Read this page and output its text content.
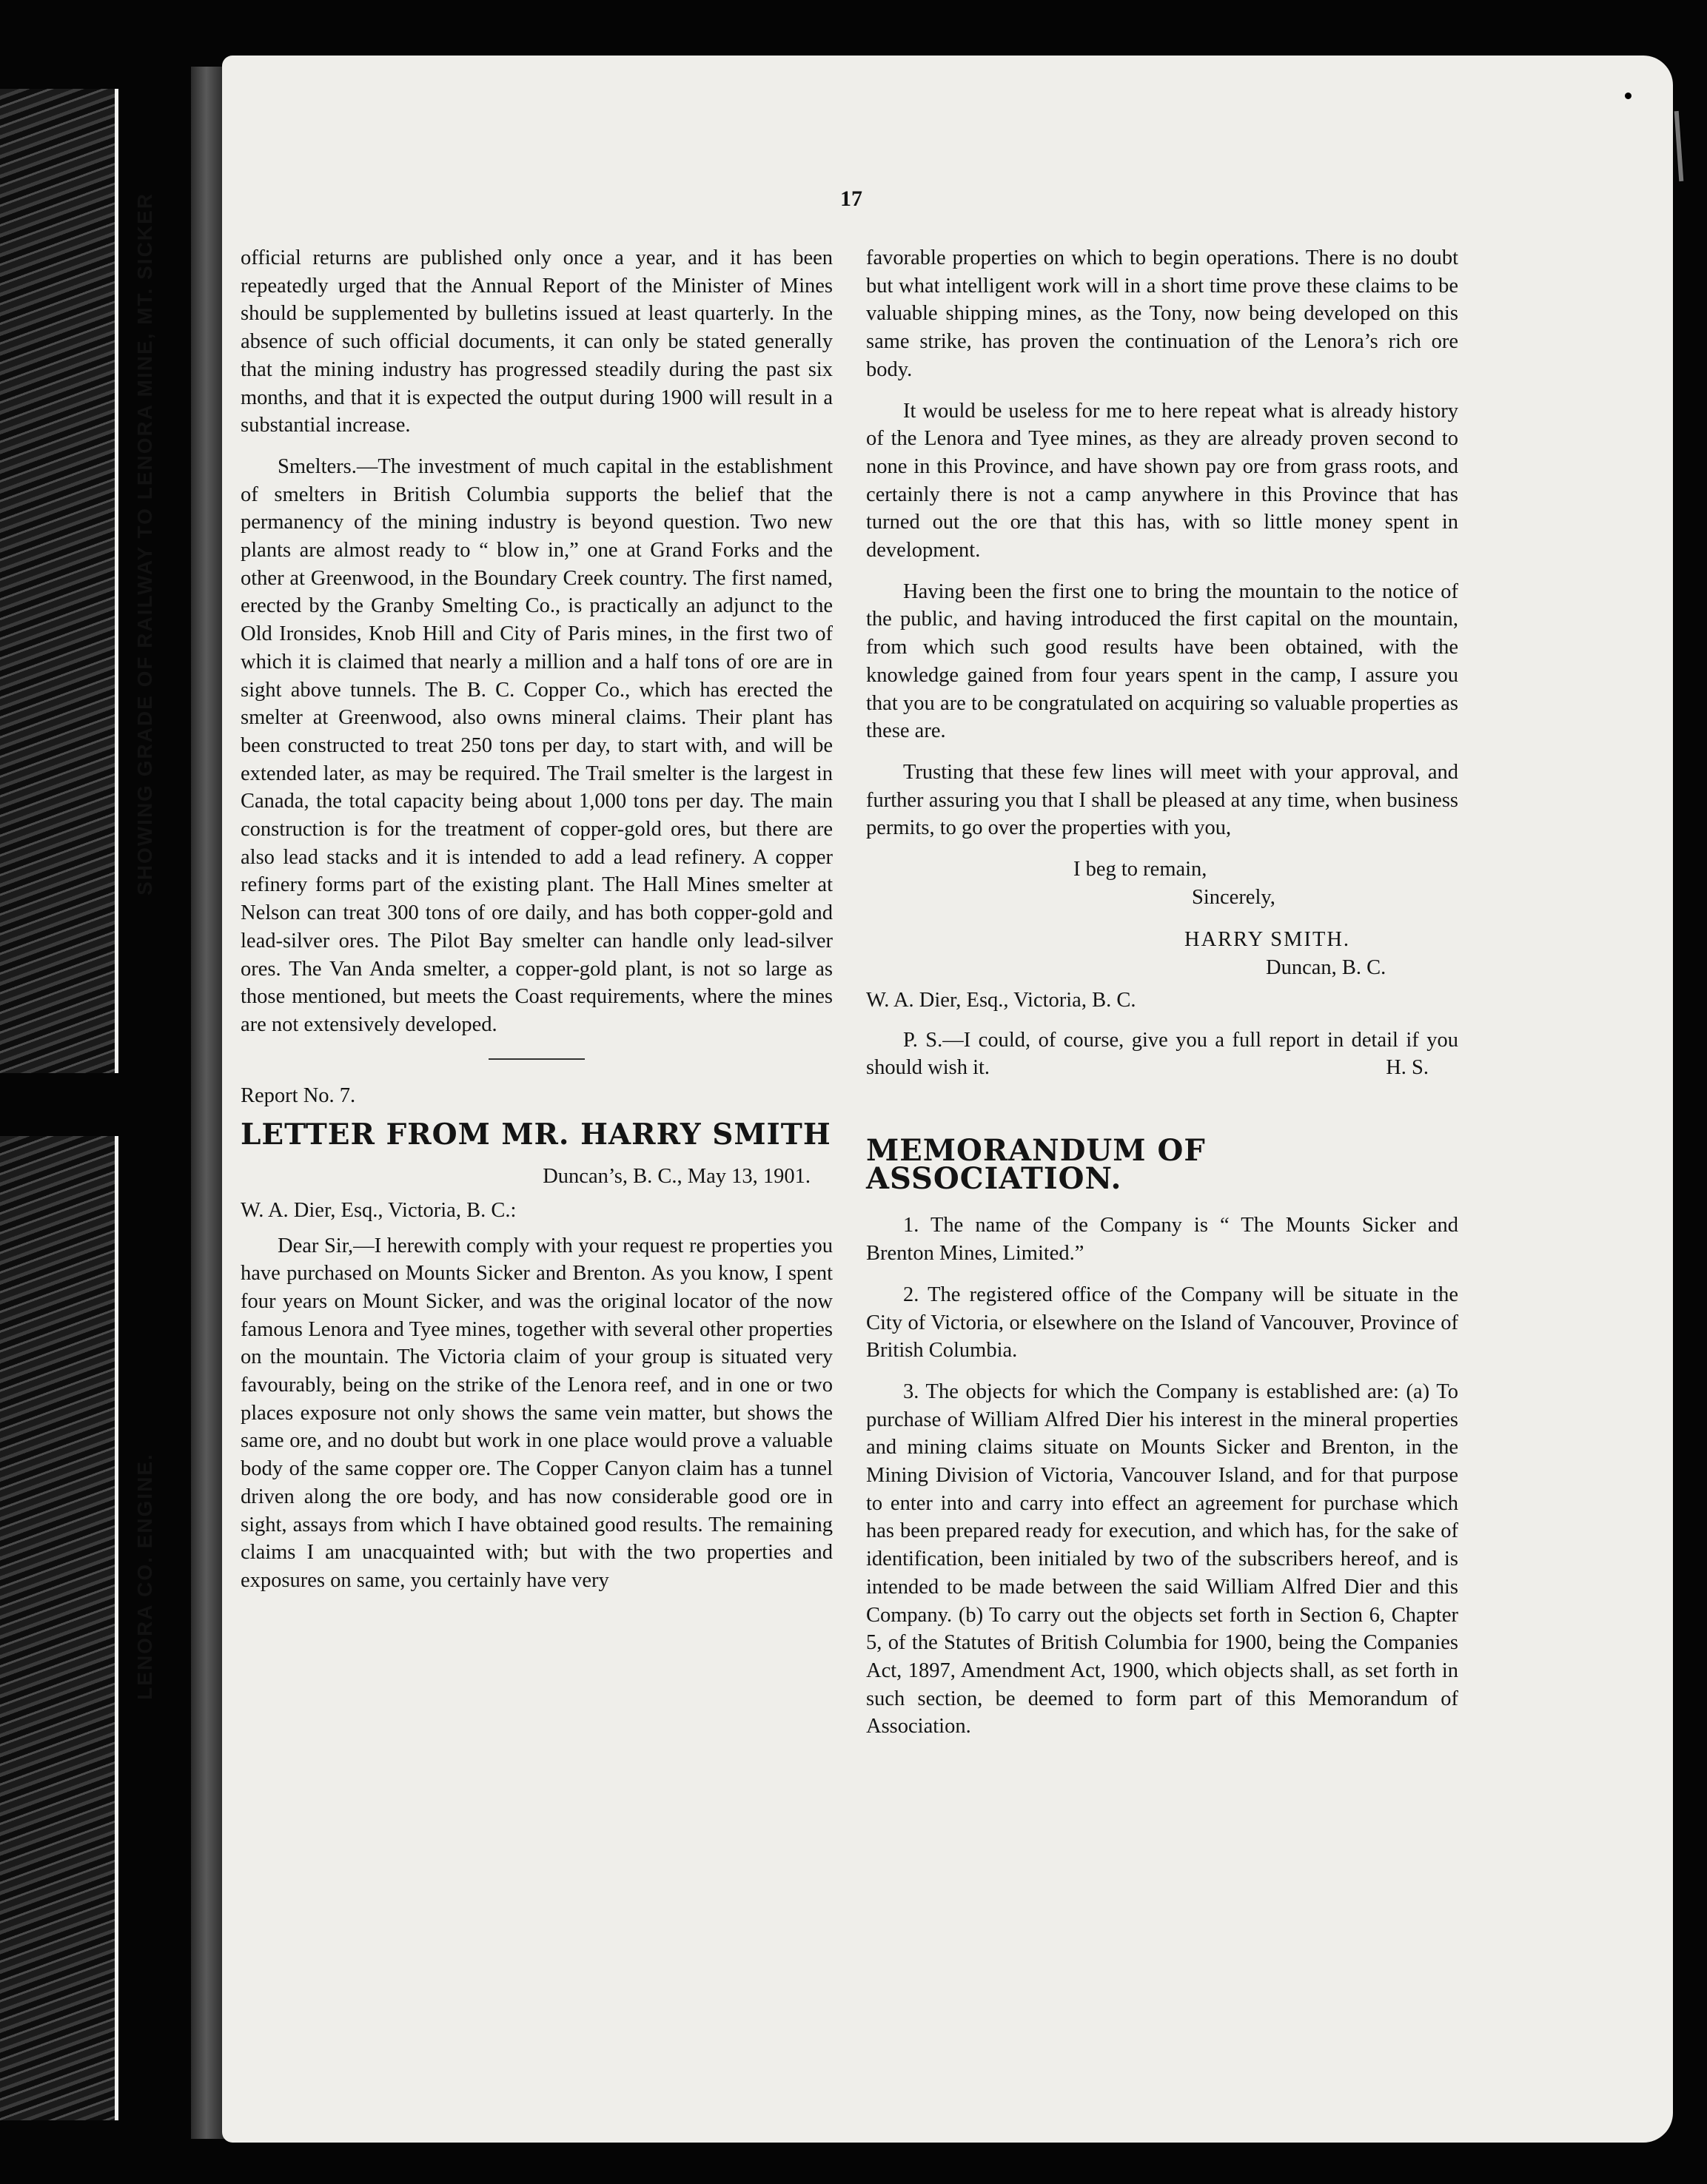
SHOWING GRADE OF RAILWAY TO LENORA MINE, MT. SICKER
LENORA CO. ENGINE.
17

official returns are published only once a year, and it has been repeatedly urged that the Annual Report of the Minister of Mines should be supplemented by bulletins issued at least quarterly. In the absence of such official documents, it can only be stated generally that the mining industry has progressed steadily during the past six months, and that it is expected the output during 1900 will result in a substantial increase.

Smelters.—The investment of much capital in the establishment of smelters in British Columbia supports the belief that the permanency of the mining industry is beyond question. Two new plants are almost ready to “ blow in,” one at Grand Forks and the other at Greenwood, in the Boundary Creek country. The first named, erected by the Granby Smelting Co., is practically an adjunct to the Old Ironsides, Knob Hill and City of Paris mines, in the first two of which it is claimed that nearly a million and a half tons of ore are in sight above tunnels. The B. C. Copper Co., which has erected the smelter at Greenwood, also owns mineral claims. Their plant has been constructed to treat 250 tons per day, to start with, and will be extended later, as may be required. The Trail smelter is the largest in Canada, the total capacity being about 1,000 tons per day. The main construction is for the treatment of copper-gold ores, but there are also lead stacks and it is intended to add a lead refinery. A copper refinery forms part of the existing plant. The Hall Mines smelter at Nelson can treat 300 tons of ore daily, and has both copper-gold and lead-silver ores. The Pilot Bay smelter can handle only lead-silver ores. The Van Anda smelter, a copper-gold plant, is not so large as those mentioned, but meets the Coast requirements, where the mines are not extensively developed.

Report No. 7.
LETTER FROM MR. HARRY SMITH
Duncan’s, B. C., May 13, 1901.
W. A. Dier, Esq., Victoria, B. C.:

Dear Sir,—I herewith comply with your request re properties you have purchased on Mounts Sicker and Brenton. As you know, I spent four years on Mount Sicker, and was the original locator of the now famous Lenora and Tyee mines, together with several other properties on the mountain. The Victoria claim of your group is situated very favourably, being on the strike of the Lenora reef, and in one or two places exposure not only shows the same vein matter, but shows the same ore, and no doubt but work in one place would prove a valuable body of the same copper ore. The Copper Canyon claim has a tunnel driven along the ore body, and has now considerable good ore in sight, assays from which I have obtained good results. The remaining claims I am unacquainted with; but with the two properties and exposures on same, you certainly have very

favorable properties on which to begin operations. There is no doubt but what intelligent work will in a short time prove these claims to be valuable shipping mines, as the Tony, now being developed on this same strike, has proven the continuation of the Lenora’s rich ore body.

It would be useless for me to here repeat what is already history of the Lenora and Tyee mines, as they are already proven second to none in this Province, and have shown pay ore from grass roots, and certainly there is not a camp anywhere in this Province that has turned out the ore that this has, with so little money spent in development.

Having been the first one to bring the mountain to the notice of the public, and having introduced the first capital on the mountain, from which such good results have been obtained, with the knowledge gained from four years spent in the camp, I assure you that you are to be congratulated on acquiring so valuable properties as these are.

Trusting that these few lines will meet with your approval, and further assuring you that I shall be pleased at any time, when business permits, to go over the properties with you,

I beg to remain,
Sincerely,
HARRY SMITH.
Duncan, B. C.
W. A. Dier, Esq., Victoria, B. C.

P. S.—I could, of course, give you a full report in detail if you should wish it.	H. S.

MEMORANDUM OF ASSOCIATION.

1. The name of the Company is “ The Mounts Sicker and Brenton Mines, Limited.”

2. The registered office of the Company will be situate in the City of Victoria, or elsewhere on the Island of Vancouver, Province of British Columbia.

3. The objects for which the Company is established are: (a) To purchase of William Alfred Dier his interest in the mineral properties and mining claims situate on Mounts Sicker and Brenton, in the Mining Division of Victoria, Vancouver Island, and for that purpose to enter into and carry into effect an agreement for purchase which has been prepared ready for execution, and which has, for the sake of identification, been initialed by two of the subscribers hereof, and is intended to be made between the said William Alfred Dier and this Company. (b) To carry out the objects set forth in Section 6, Chapter 5, of the Statutes of British Columbia for 1900, being the Companies Act, 1897, Amendment Act, 1900, which objects shall, as set forth in such section, be deemed to form part of this Memorandum of Association.
